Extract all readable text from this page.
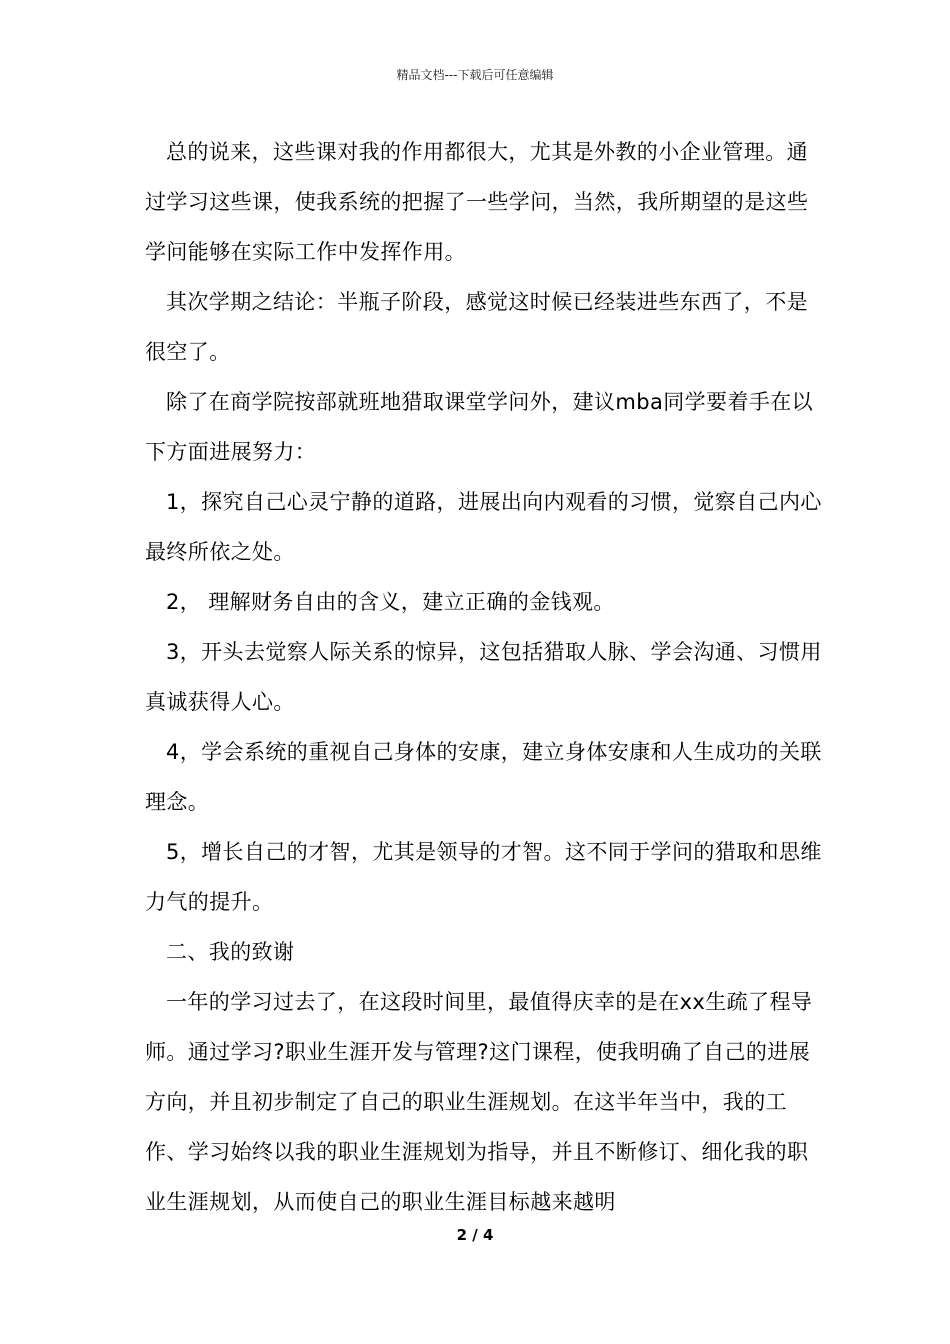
精品文档---下载后可任意编辑

总的说来，这些课对我的作用都很大，尤其是外教的小企业管理。通过学习这些课，使我系统的把握了一些学问，当然，我所期望的是这些学问能够在实际工作中发挥作用。

其次学期之结论：半瓶子阶段，感觉这时候已经装进些东西了，不是很空了。

除了在商学院按部就班地猎取课堂学问外，建议mba同学要着手在以下方面进展努力：

1，探究自己心灵宁静的道路，进展出向内观看的习惯，觉察自己内心最终所依之处。

2， 理解财务自由的含义，建立正确的金钱观。

3，开头去觉察人际关系的惊异，这包括猎取人脉、学会沟通、习惯用真诚获得人心。

4，学会系统的重视自己身体的安康，建立身体安康和人生成功的关联理念。

5，增长自己的才智，尤其是领导的才智。这不同于学问的猎取和思维力气的提升。

二、我的致谢

一年的学习过去了，在这段时间里，最值得庆幸的是在xx生疏了程导师。通过学习?职业生涯开发与管理?这门课程，使我明确了自己的进展方向，并且初步制定了自己的职业生涯规划。在这半年当中，我的工作、学习始终以我的职业生涯规划为指导，并且不断修订、细化我的职业生涯规划，从而使自己的职业生涯目标越来越明

2 / 4
